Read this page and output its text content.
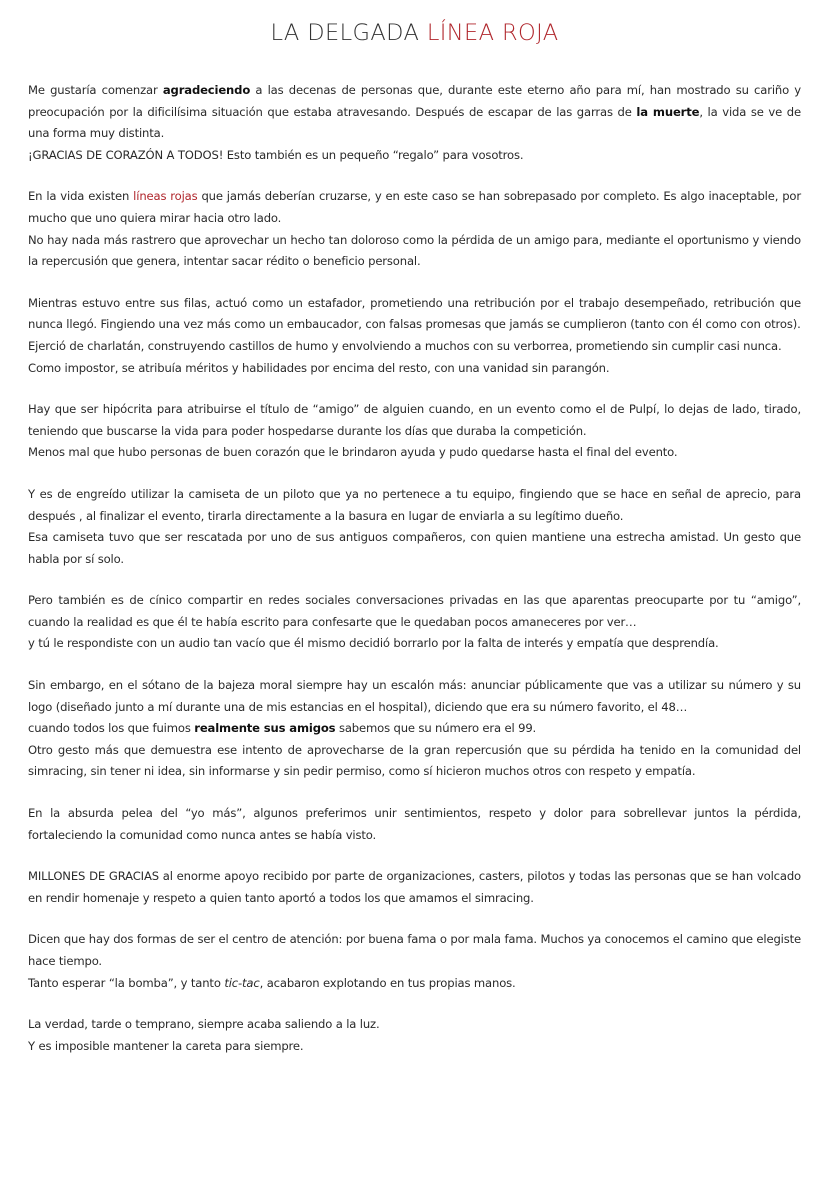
LA DELGADA LÍNEA ROJA

Me gustaría comenzar agradeciendo a las decenas de personas que, durante este eterno año para mí, han mostrado su cariño y preocupación por la dificilísima situación que estaba atravesando. Después de escapar de las garras de la muerte, la vida se ve de una forma muy distinta.
¡GRACIAS DE CORAZÓN A TODOS! Esto también es un pequeño “regalo” para vosotros.

En la vida existen líneas rojas que jamás deberían cruzarse, y en este caso se han sobrepasado por completo. Es algo inaceptable, por mucho que uno quiera mirar hacia otro lado.
No hay nada más rastrero que aprovechar un hecho tan doloroso como la pérdida de un amigo para, mediante el oportunismo y viendo la repercusión que genera, intentar sacar rédito o beneficio personal.

Mientras estuvo entre sus filas, actuó como un estafador, prometiendo una retribución por el trabajo desempeñado, retribución que nunca llegó. Fingiendo una vez más como un embaucador, con falsas promesas que jamás se cumplieron (tanto con él como con otros).
Ejerció de charlatán, construyendo castillos de humo y envolviendo a muchos con su verborrea, prometiendo sin cumplir casi nunca.
Como impostor, se atribuía méritos y habilidades por encima del resto, con una vanidad sin parangón.

Hay que ser hipócrita para atribuirse el título de “amigo” de alguien cuando, en un evento como el de Pulpí, lo dejas de lado, tirado, teniendo que buscarse la vida para poder hospedarse durante los días que duraba la competición.
Menos mal que hubo personas de buen corazón que le brindaron ayuda y pudo quedarse hasta el final del evento.

Y es de engreído utilizar la camiseta de un piloto que ya no pertenece a tu equipo, fingiendo que se hace en señal de aprecio, para después , al finalizar el evento, tirarla directamente a la basura en lugar de enviarla a su legítimo dueño.
Esa camiseta tuvo que ser rescatada por uno de sus antiguos compañeros, con quien mantiene una estrecha amistad. Un gesto que habla por sí solo.

Pero también es de cínico compartir en redes sociales conversaciones privadas en las que aparentas preocuparte por tu “amigo”, cuando la realidad es que él te había escrito para confesarte que le quedaban pocos amaneceres por ver…
y tú le respondiste con un audio tan vacío que él mismo decidió borrarlo por la falta de interés y empatía que desprendía.

Sin embargo, en el sótano de la bajeza moral siempre hay un escalón más: anunciar públicamente que vas a utilizar su número y su logo (diseñado junto a mí durante una de mis estancias en el hospital), diciendo que era su número favorito, el 48…
cuando todos los que fuimos realmente sus amigos sabemos que su número era el 99.
Otro gesto más que demuestra ese intento de aprovecharse de la gran repercusión que su pérdida ha tenido en la comunidad del simracing, sin tener ni idea, sin informarse y sin pedir permiso, como sí hicieron muchos otros con respeto y empatía.

En la absurda pelea del “yo más”, algunos preferimos unir sentimientos, respeto y dolor para sobrellevar juntos la pérdida, fortaleciendo la comunidad como nunca antes se había visto.

MILLONES DE GRACIAS al enorme apoyo recibido por parte de organizaciones, casters, pilotos y todas las personas que se han volcado en rendir homenaje y respeto a quien tanto aportó a todos los que amamos el simracing.

Dicen que hay dos formas de ser el centro de atención: por buena fama o por mala fama. Muchos ya conocemos el camino que elegiste hace tiempo.
Tanto esperar “la bomba”, y tanto tic-tac, acabaron explotando en tus propias manos.

La verdad, tarde o temprano, siempre acaba saliendo a la luz.
Y es imposible mantener la careta para siempre.
